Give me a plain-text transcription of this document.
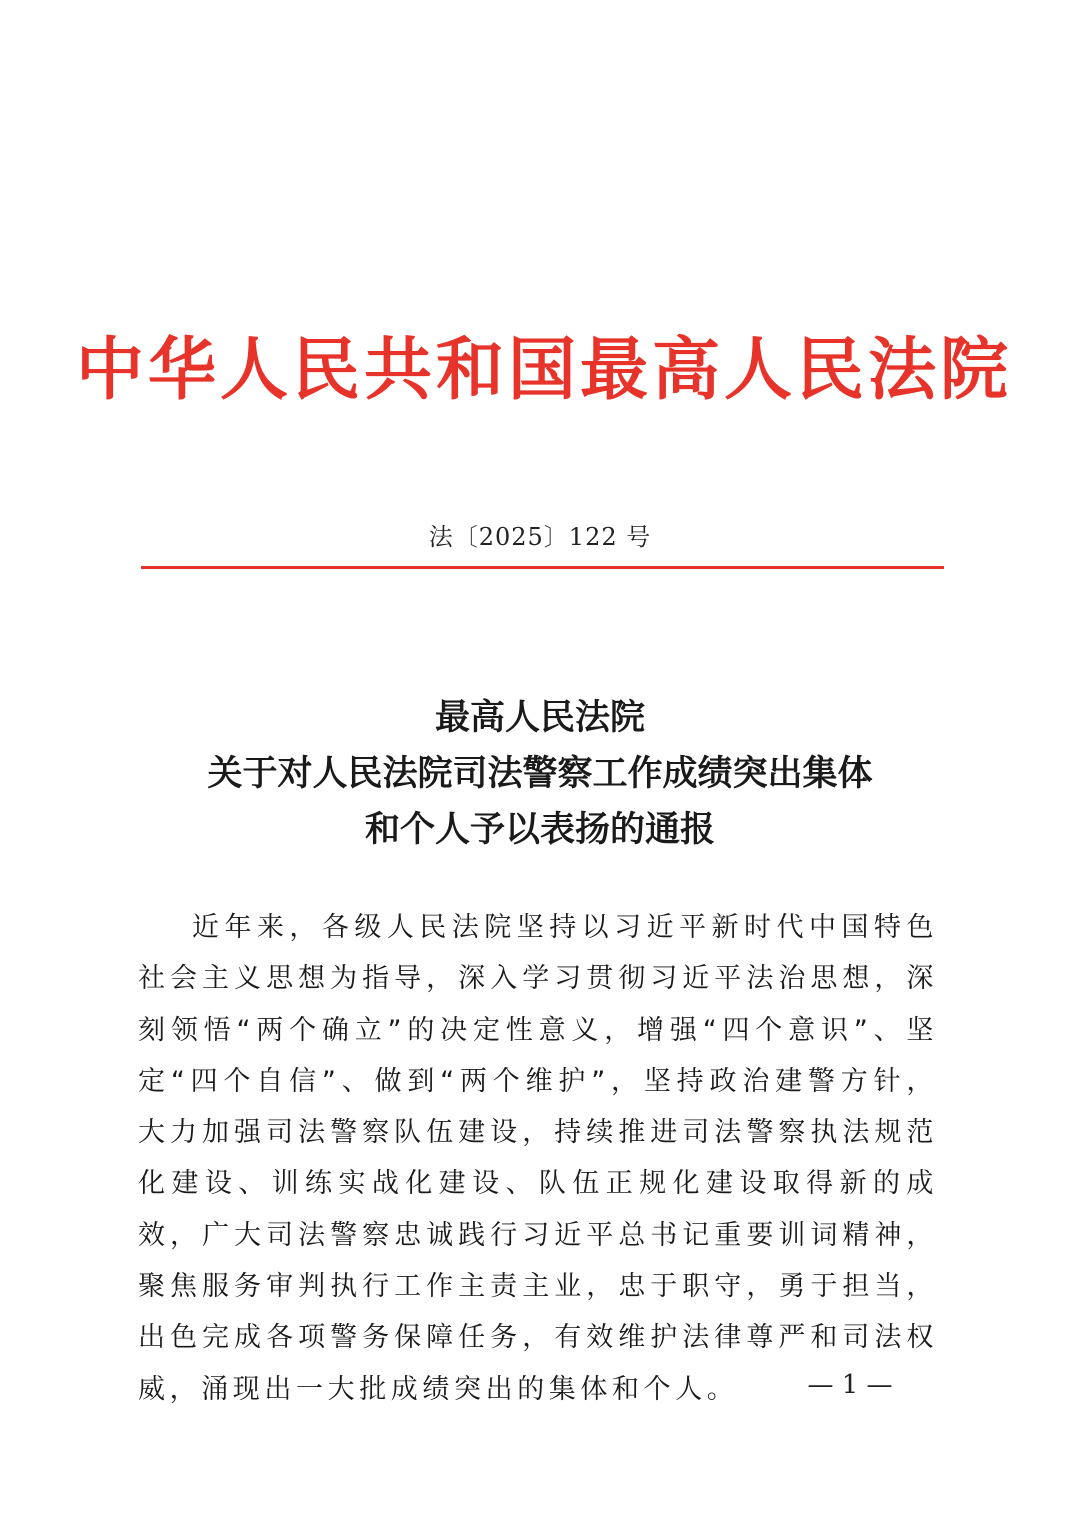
中华人民共和国最高人民法院
法〔2025〕122 号
最高人民法院
关于对人民法院司法警察工作成绩突出集体
和个人予以表扬的通报
近年来，各级人民法院坚持以习近平新时代中国特色社会主义思想为指导，深入学习贯彻习近平法治思想，深刻领悟“两个确立”的决定性意义，增强“四个意识”、坚定“四个自信”、做到“两个维护”，坚持政治建警方针，大力加强司法警察队伍建设，持续推进司法警察执法规范化建设、训练实战化建设、队伍正规化建设取得新的成效，广大司法警察忠诚践行习近平总书记重要训词精神，聚焦服务审判执行工作主责主业，忠于职守，勇于担当，出色完成各项警务保障任务，有效维护法律尊严和司法权威，涌现出一大批成绩突出的集体和个人。	— 1 —
